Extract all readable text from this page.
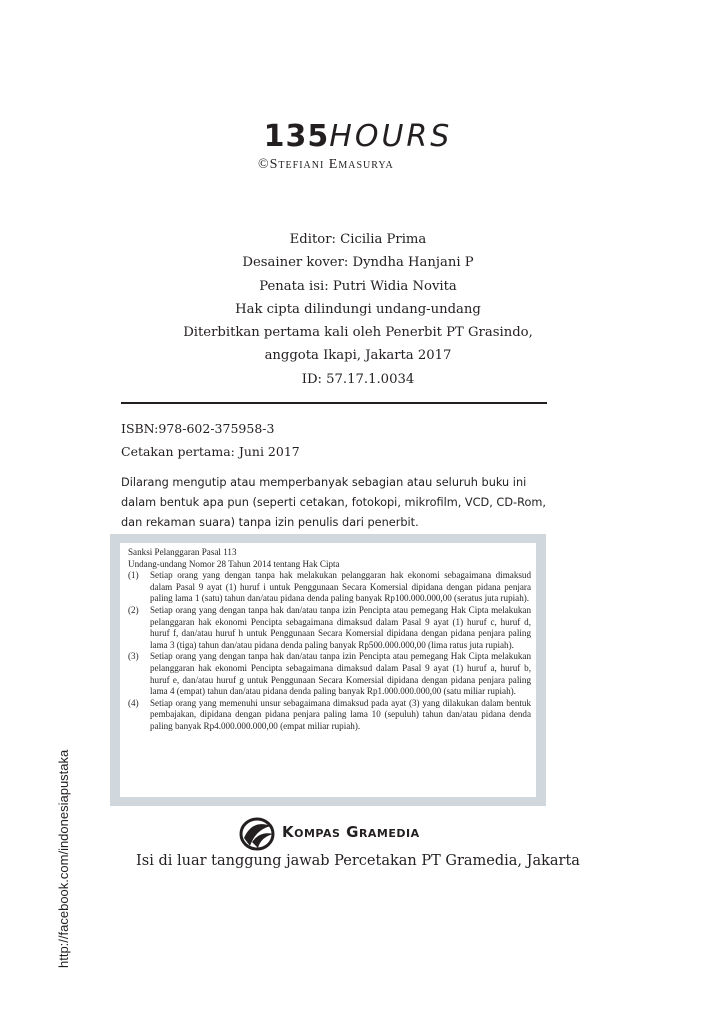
135HOURS
©Stefiani Emasurya
Editor: Cicilia Prima
Desainer kover: Dyndha Hanjani P
Penata isi: Putri Widia Novita
Hak cipta dilindungi undang-undang
Diterbitkan pertama kali oleh Penerbit PT Grasindo,
anggota Ikapi, Jakarta 2017
ID: 57.17.1.0034
ISBN:978-602-375958-3
Cetakan pertama: Juni 2017
Dilarang mengutip atau memperbanyak sebagian atau seluruh buku ini dalam bentuk apa pun (seperti cetakan, fotokopi, mikrofilm, VCD, CD-Rom, dan rekaman suara) tanpa izin penulis dari penerbit.
Sanksi Pelanggaran Pasal 113
Undang-undang Nomor 28 Tahun 2014 tentang Hak Cipta
(1) Setiap orang yang dengan tanpa hak melakukan pelanggaran hak ekonomi sebagaimana dimaksud dalam Pasal 9 ayat (1) huruf i untuk Penggunaan Secara Komersial dipidana dengan pidana penjara paling lama 1 (satu) tahun dan/atau pidana denda paling banyak Rp100.000.000,00 (seratus juta rupiah).
(2) Setiap orang yang dengan tanpa hak dan/atau tanpa izin Pencipta atau pemegang Hak Cipta melakukan pelanggaran hak ekonomi Pencipta sebagaimana dimaksud dalam Pasal 9 ayat (1) huruf c, huruf d, huruf f, dan/atau huruf h untuk Penggunaan Secara Komersial dipidana dengan pidana penjara paling lama 3 (tiga) tahun dan/atau pidana denda paling banyak Rp500.000.000,00 (lima ratus juta rupiah).
(3) Setiap orang yang dengan tanpa hak dan/atau tanpa izin Pencipta atau pemegang Hak Cipta melakukan pelanggaran hak ekonomi Pencipta sebagaimana dimaksud dalam Pasal 9 ayat (1) huruf a, huruf b, huruf e, dan/atau huruf g untuk Penggunaan Secara Komersial dipidana dengan pidana penjara paling lama 4 (empat) tahun dan/atau pidana denda paling banyak Rp1.000.000.000,00 (satu miliar rupiah).
(4) Setiap orang yang memenuhi unsur sebagaimana dimaksud pada ayat (3) yang dilakukan dalam bentuk pembajakan, dipidana dengan pidana penjara paling lama 10 (sepuluh) tahun dan/atau pidana denda paling banyak Rp4.000.000.000,00 (empat miliar rupiah).
Kompas Gramedia
Isi di luar tanggung jawab Percetakan PT Gramedia, Jakarta
http://facebook.com/indonesiapustaka
